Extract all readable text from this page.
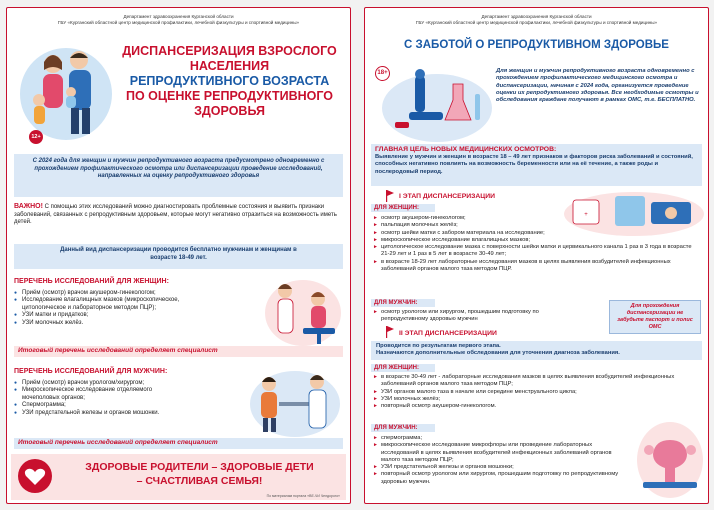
Департамент здравоохранения Курганской области
ГБУ «Курганский областной центр медицинской профилактики, лечебной физкультуры и спортивной медицины»
12+
ДИСПАНСЕРИЗАЦИЯ ВЗРОСЛОГО
НАСЕЛЕНИЯ
РЕПРОДУКТИВНОГО ВОЗРАСТА
ПО ОЦЕНКЕ РЕПРОДУКТИВНОГО
ЗДОРОВЬЯ
С 2024 года для женщин и мужчин репродуктивного возраста предусмотрено одновременно с прохождением профилактического осмотра или диспансеризации проведение исследований, направленных на оценку репродуктивного здоровья
ВАЖНО! С помощью этих исследований можно диагностировать проблемные состояния и выявить признаки заболеваний, связанных с репродуктивным здоровьем, которые могут негативно отразиться на возможность иметь детей.
Данный вид диспансеризации проводится бесплатно мужчинам и женщинам в возрасте 18-49 лет.
ПЕРЕЧЕНЬ ИССЛЕДОВАНИЙ ДЛЯ ЖЕНЩИН:
● Приём (осмотр) врачом акушером-гинекологом;
● Исследование влагалищных мазков (микроскопическое, цитологическое и лабораторное методом ПЦР);
● УЗИ матки и придатков;
● УЗИ молочных желёз.
Итоговый перечень исследований определяет специалист
ПЕРЕЧЕНЬ ИССЛЕДОВАНИЙ ДЛЯ МУЖЧИН:
● Приём (осмотр) врачом урологом/хирургом;
● Микроскопическое исследование отделяемого мочеполовых органов;
● Спермограмма;
● УЗИ предстательной железы и органов мошонки.
Итоговый перечень исследований определяет специалист
ЗДОРОВЫЕ РОДИТЕЛИ – ЗДОРОВЫЕ ДЕТИ
– СЧАСТЛИВАЯ СЕМЬЯ!
По материалам портала «ВЕ-ЧИ Челдорого»
Департамент здравоохранения Курганской области
ГБУ «Курганский областной центр медицинской профилактики, лечебной физкультуры и спортивной медицины»
С ЗАБОТОЙ О РЕПРОДУКТИВНОМ ЗДОРОВЬЕ
18+	Для женщин и мужчин репродуктивного возраста одновременно с прохождением профилактического медицинского осмотра и диспансеризации, начиная с 2024 года, организуется проведение оценки их репродуктивного здоровья. Все необходимые осмотры и обследования граждане получают в рамках ОМС, т.е. БЕСПЛАТНО.
ГЛАВНАЯ ЦЕЛЬ НОВЫХ МЕДИЦИНСКИХ ОСМОТРОВ:
Выявление у мужчин и женщин в возрасте 18 – 49 лет признаков и факторов риска заболеваний и состояний, способных негативно повлиять на возможность беременности или на её течение, а также роды и послеродовый период.
I ЭТАП ДИСПАНСЕРИЗАЦИИ
+
ДЛЯ ЖЕНЩИН:
► осмотр акушером-гинекологом;
► пальпация молочных желёз;
► осмотр шейки матки с забором материала на исследование;
► микроскопическое исследование влагалищных мазков;
► цитологическое исследование мазка с поверхности шейки матки и цервикального канала 1 раз в 3 года в возрасте 21-29 лет и 1 раз в 5 лет в возрасте 30-49 лет;
► в возрасте 18-29 лет лабораторные исследования мазков в целях выявления возбудителей инфекционных заболеваний органов малого таза методом ПЦР.
ДЛЯ МУЖЧИН:
► осмотр урологом или хирургом, прошедшим подготовку по репродуктивному здоровью мужчин
Для прохождения диспансеризации не забудьте паспорт и полис ОМС
II ЭТАП ДИСПАНСЕРИЗАЦИИ
Проводится по результатам первого этапа.
Назначаются дополнительные обследования для уточнения диагноза заболевания.
ДЛЯ ЖЕНЩИН:
► в возрасте 30-49 лет - лабораторные исследования мазков в целях выявления возбудителей инфекционных заболеваний органов малого таза методом ПЦР;
► УЗИ органов малого таза в начале или середине менструального цикла;
► УЗИ молочных желёз;
► повторный осмотр акушером-гинекологом.
ДЛЯ МУЖЧИН:
► спермограмма;
► микроскопическое исследование микрофлоры или проведение лабораторных исследований в целях выявления возбудителей инфекционных заболеваний органов малого таза методом ПЦР;
► УЗИ предстательной железы и органов мошонки;
► повторный осмотр урологом или хирургом, прошедшим подготовку по репродуктивному здоровью мужчин.
